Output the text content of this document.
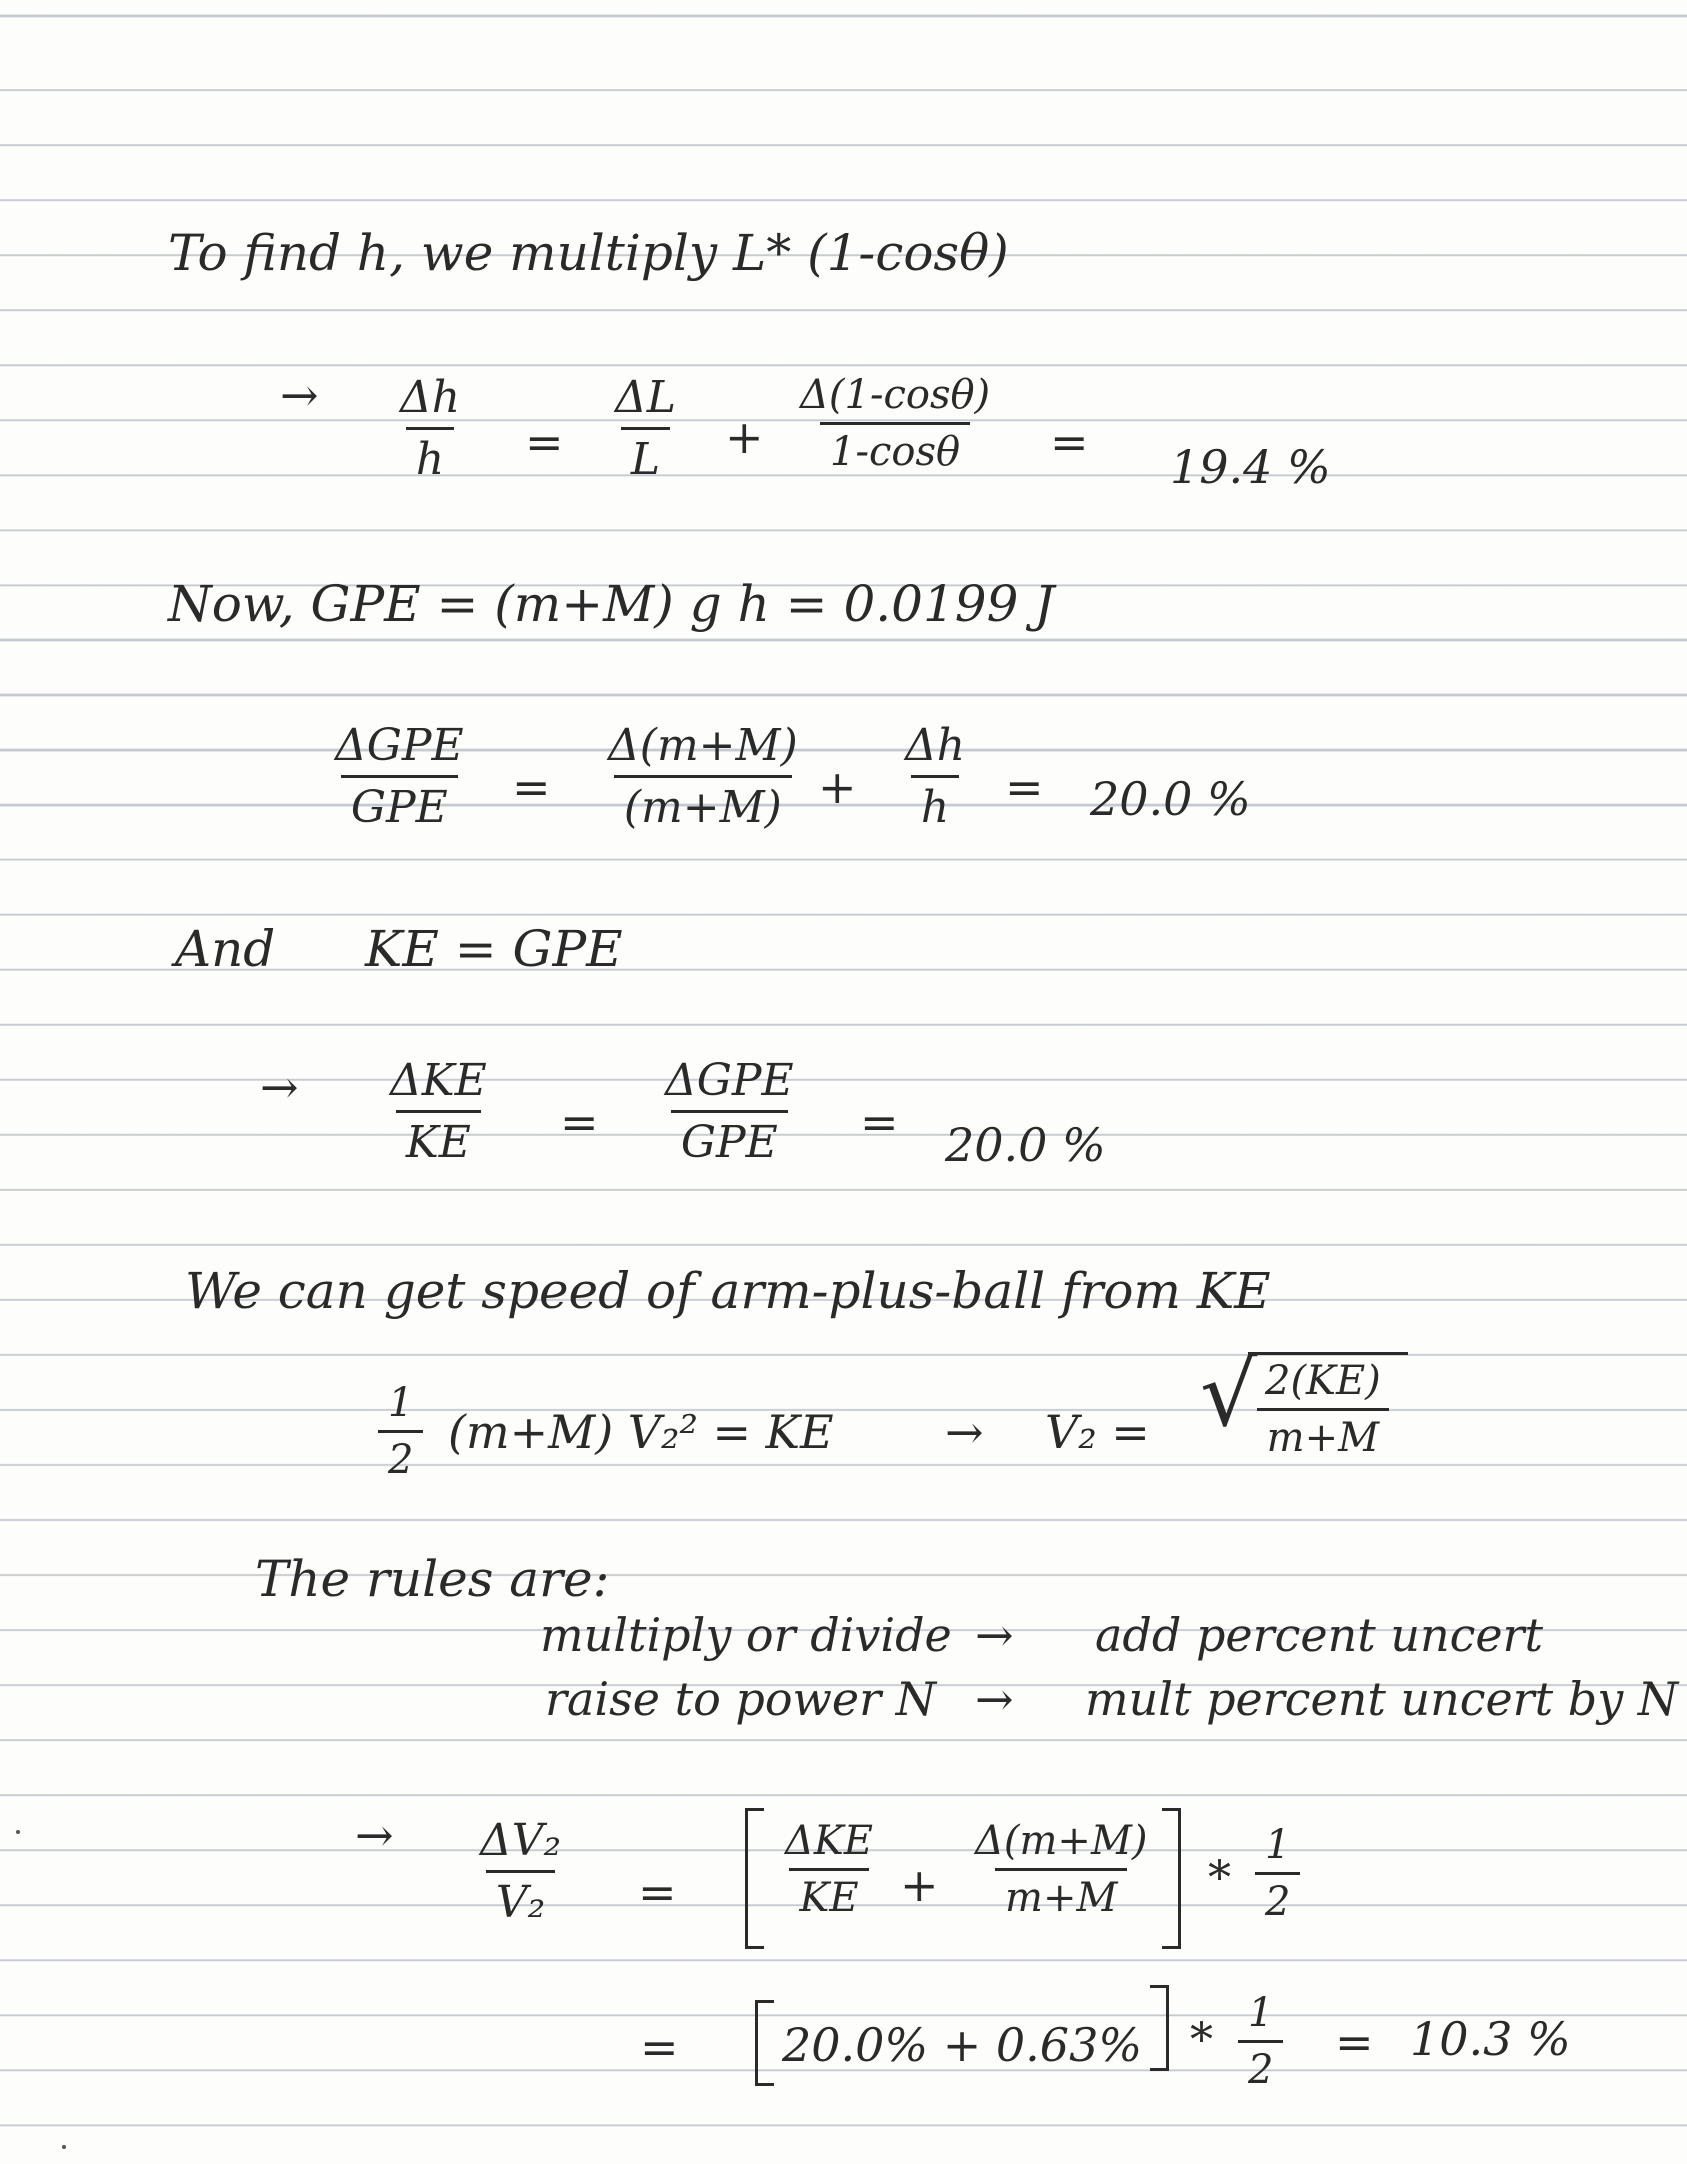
To find h, we multiply L* (1-cosθ)
→ $\frac{\Delta h}{h} = \frac{\Delta L}{L} + \frac{\Delta(1-\cos\theta)}{1-\cos\theta} = 19.4$ %
Now, GPE = (m+M) g h = 0.0199 J
ΔGPE
GPE = $\frac{\Delta(m+M)}{(m+M)} + \frac{\Delta h}{h} = 20.0$ %
And KE = GPE
→ ΔKE
KE =
ΔGPE
GPE = 20.0 %
We can get speed of arm-plus-ball from KE
$\frac{1}{2} (m+M) V_2^2$ = KE → V₂ = √
$\frac{2(KE)}{m+M}$
The rules are:
multiply or divide → add percent uncert
raise to power N → mult percent uncert by N
→ $\frac{\text{ΔV₂}}{\text{V₂}}$ =
ΔKE
KE + $\frac{\Delta(m+M)}{m+M} * \frac{1}{2}$
= $20.0\% + 0.63\% * \frac{1}{2} = 10.3$ %
